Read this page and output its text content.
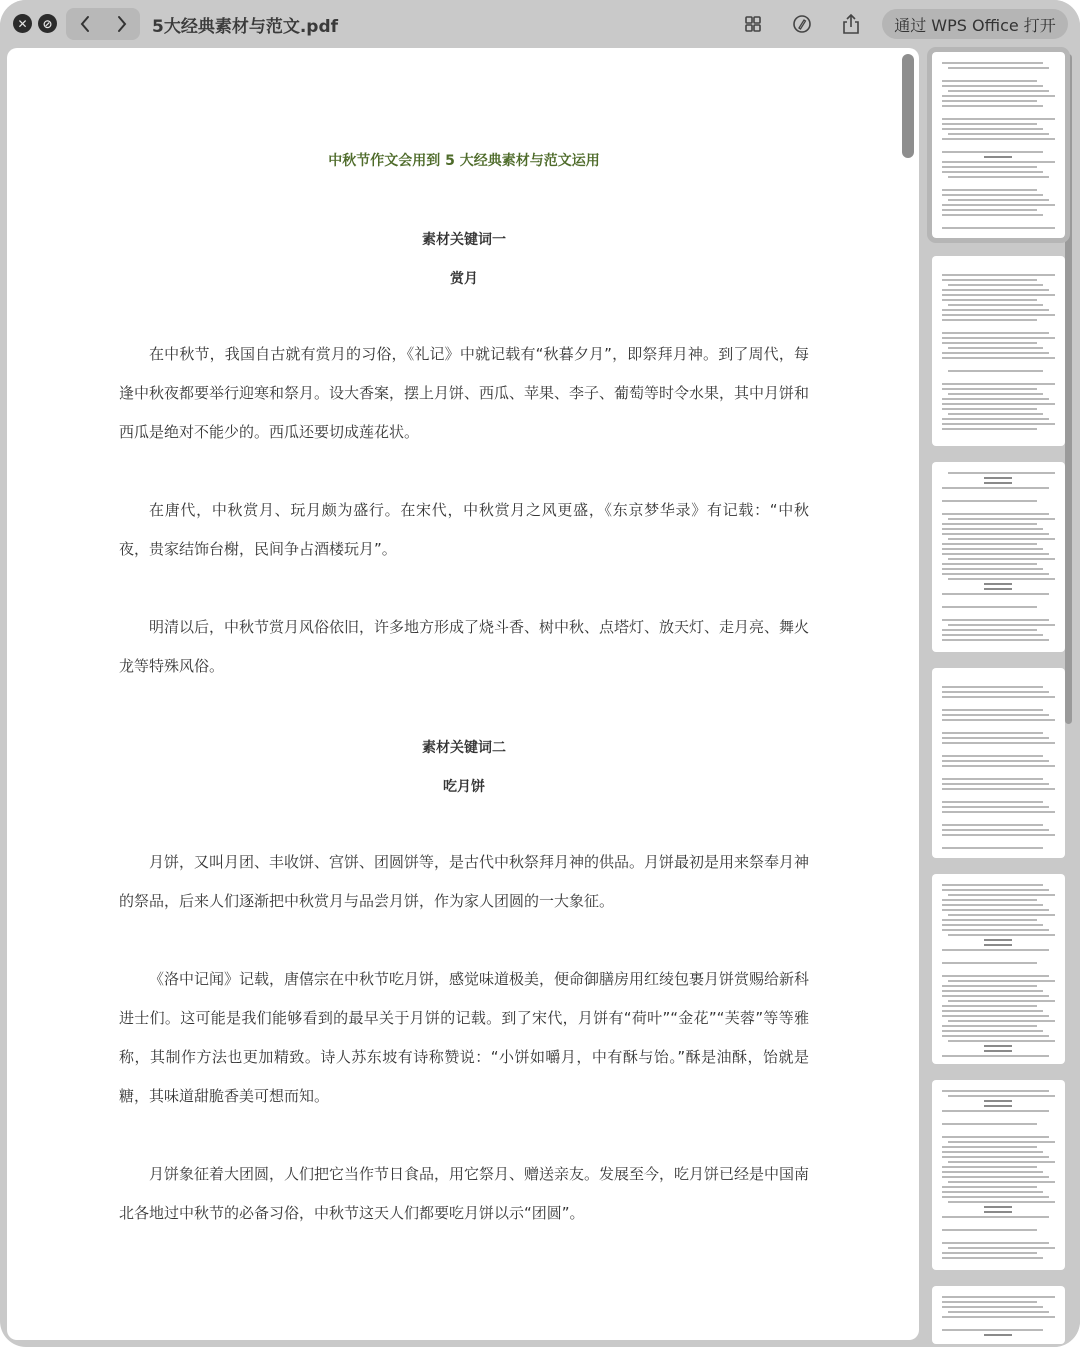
✕	⊘	5大经典素材与范文.pdf	通过 WPS Office 打开
中秋节作文会用到 5 大经典素材与范文运用
素材关键词一
赏月

在中秋节，我国自古就有赏月的习俗，《礼记》中就记载有“秋暮夕月”，即祭拜月神。到了周代，每逢中秋夜都要举行迎寒和祭月。设大香案，摆上月饼、西瓜、苹果、李子、葡萄等时令水果，其中月饼和西瓜是绝对不能少的。西瓜还要切成莲花状。

在唐代，中秋赏月、玩月颇为盛行。在宋代，中秋赏月之风更盛，《东京梦华录》有记载：“中秋夜，贵家结饰台榭，民间争占酒楼玩月”。

明清以后，中秋节赏月风俗依旧，许多地方形成了烧斗香、树中秋、点塔灯、放天灯、走月亮、舞火龙等特殊风俗。

素材关键词二
吃月饼

月饼，又叫月团、丰收饼、宫饼、团圆饼等，是古代中秋祭拜月神的供品。月饼最初是用来祭奉月神的祭品，后来人们逐渐把中秋赏月与品尝月饼，作为家人团圆的一大象征。

《洛中记闻》记载，唐僖宗在中秋节吃月饼，感觉味道极美，便命御膳房用红绫包裹月饼赏赐给新科进士们。这可能是我们能够看到的最早关于月饼的记载。到了宋代，月饼有“荷叶”“金花”“芙蓉”等等雅称，其制作方法也更加精致。诗人苏东坡有诗称赞说：“小饼如嚼月，中有酥与饴。”酥是油酥，饴就是糖，其味道甜脆香美可想而知。

月饼象征着大团圆，人们把它当作节日食品，用它祭月、赠送亲友。发展至今，吃月饼已经是中国南北各地过中秋节的必备习俗，中秋节这天人们都要吃月饼以示“团圆”。
